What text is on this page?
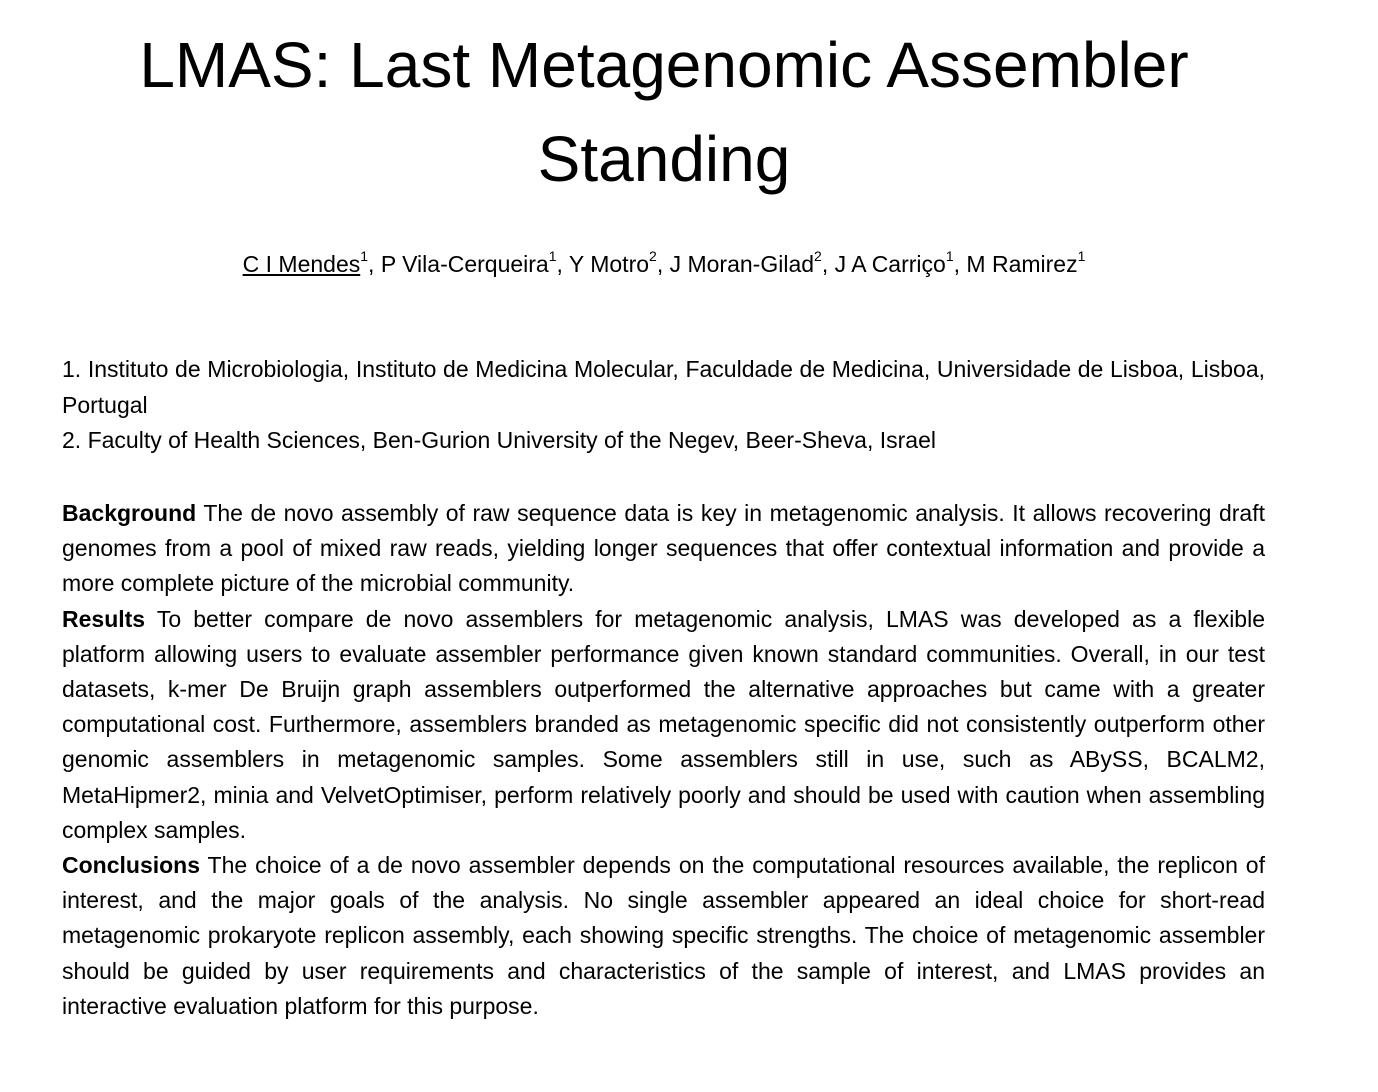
LMAS: Last Metagenomic Assembler
Standing

C I Mendes$^1$, P Vila-Cerqueira$^1$, Y Motro$^2$, J Moran-Gilad$^2$, J A Carriço$^1$, M Ramirez$^1$

1. Instituto de Microbiologia, Instituto de Medicina Molecular, Faculdade de Medicina, Universidade de Lisboa, Lisboa, Portugal

2. Faculty of Health Sciences, Ben-Gurion University of the Negev, Beer-Sheva, Israel

Background The de novo assembly of raw sequence data is key in metagenomic analysis. It allows recovering draft genomes from a pool of mixed raw reads, yielding longer sequences that offer contextual information and provide a more complete picture of the microbial community.

Results To better compare de novo assemblers for metagenomic analysis, LMAS was developed as a flexible platform allowing users to evaluate assembler performance given known standard communities. Overall, in our test datasets, k-mer De Bruijn graph assemblers outperformed the alternative approaches but came with a greater computational cost. Furthermore, assemblers branded as metagenomic specific did not consistently outperform other genomic assemblers in metagenomic samples. Some assemblers still in use, such as ABySS, BCALM2, MetaHipmer2, minia and VelvetOptimiser, perform relatively poorly and should be used with caution when assembling complex samples.

Conclusions The choice of a de novo assembler depends on the computational resources available, the replicon of interest, and the major goals of the analysis. No single assembler appeared an ideal choice for short-read metagenomic prokaryote replicon assembly, each showing specific strengths. The choice of metagenomic assembler should be guided by user requirements and characteristics of the sample of interest, and LMAS provides an interactive evaluation platform for this purpose.
